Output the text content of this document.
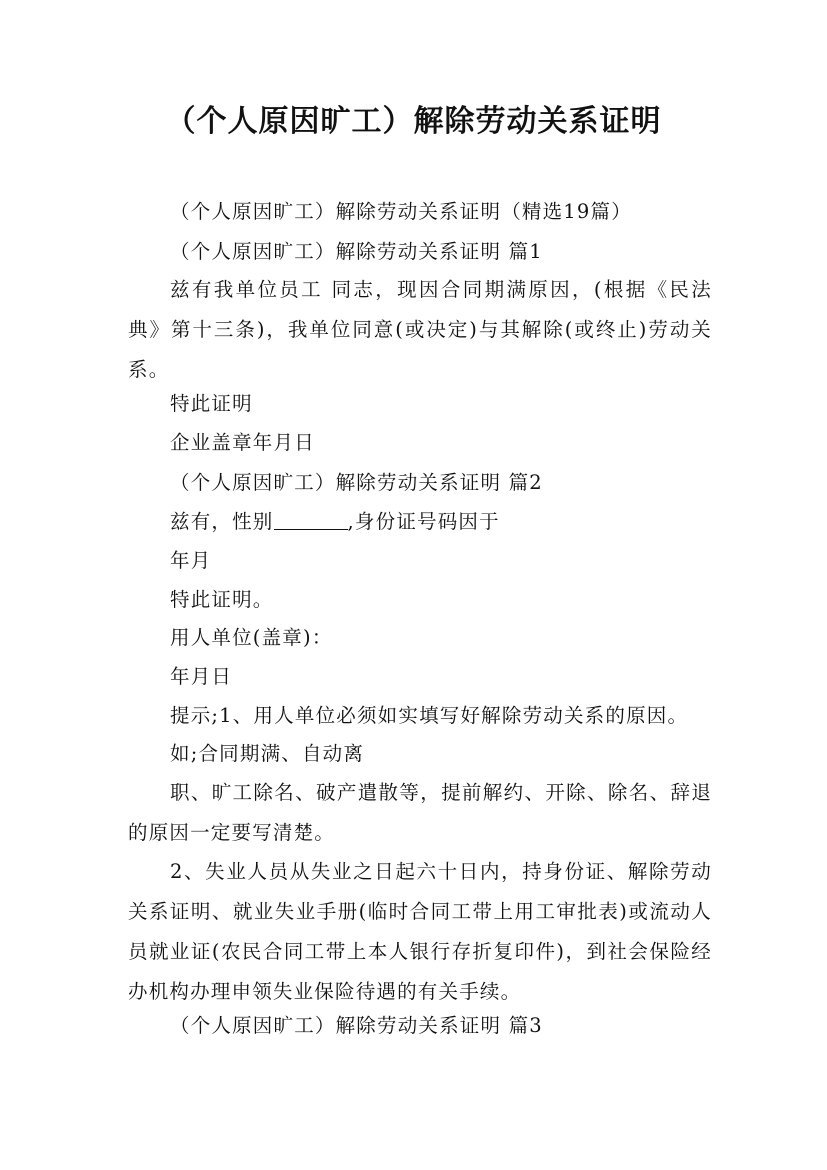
（个人原因旷工）解除劳动关系证明

（个人原因旷工）解除劳动关系证明（精选19篇）

（个人原因旷工）解除劳动关系证明 篇1

兹有我单位员工 同志，现因合同期满原因，(根据《民法典》第十三条)，我单位同意(或决定)与其解除(或终止)劳动关系。

特此证明

企业盖章年月日

（个人原因旷工）解除劳动关系证明 篇2

兹有，性别	,身份证号码因于

年月

特此证明。

用人单位(盖章)：

年月日

提示;1、用人单位必须如实填写好解除劳动关系的原因。

如;合同期满、自动离

职、旷工除名、破产遣散等，提前解约、开除、除名、辞退的原因一定要写清楚。

2、失业人员从失业之日起六十日内，持身份证、解除劳动关系证明、就业失业手册(临时合同工带上用工审批表)或流动人员就业证(农民合同工带上本人银行存折复印件)，到社会保险经办机构办理申领失业保险待遇的有关手续。

（个人原因旷工）解除劳动关系证明 篇3
